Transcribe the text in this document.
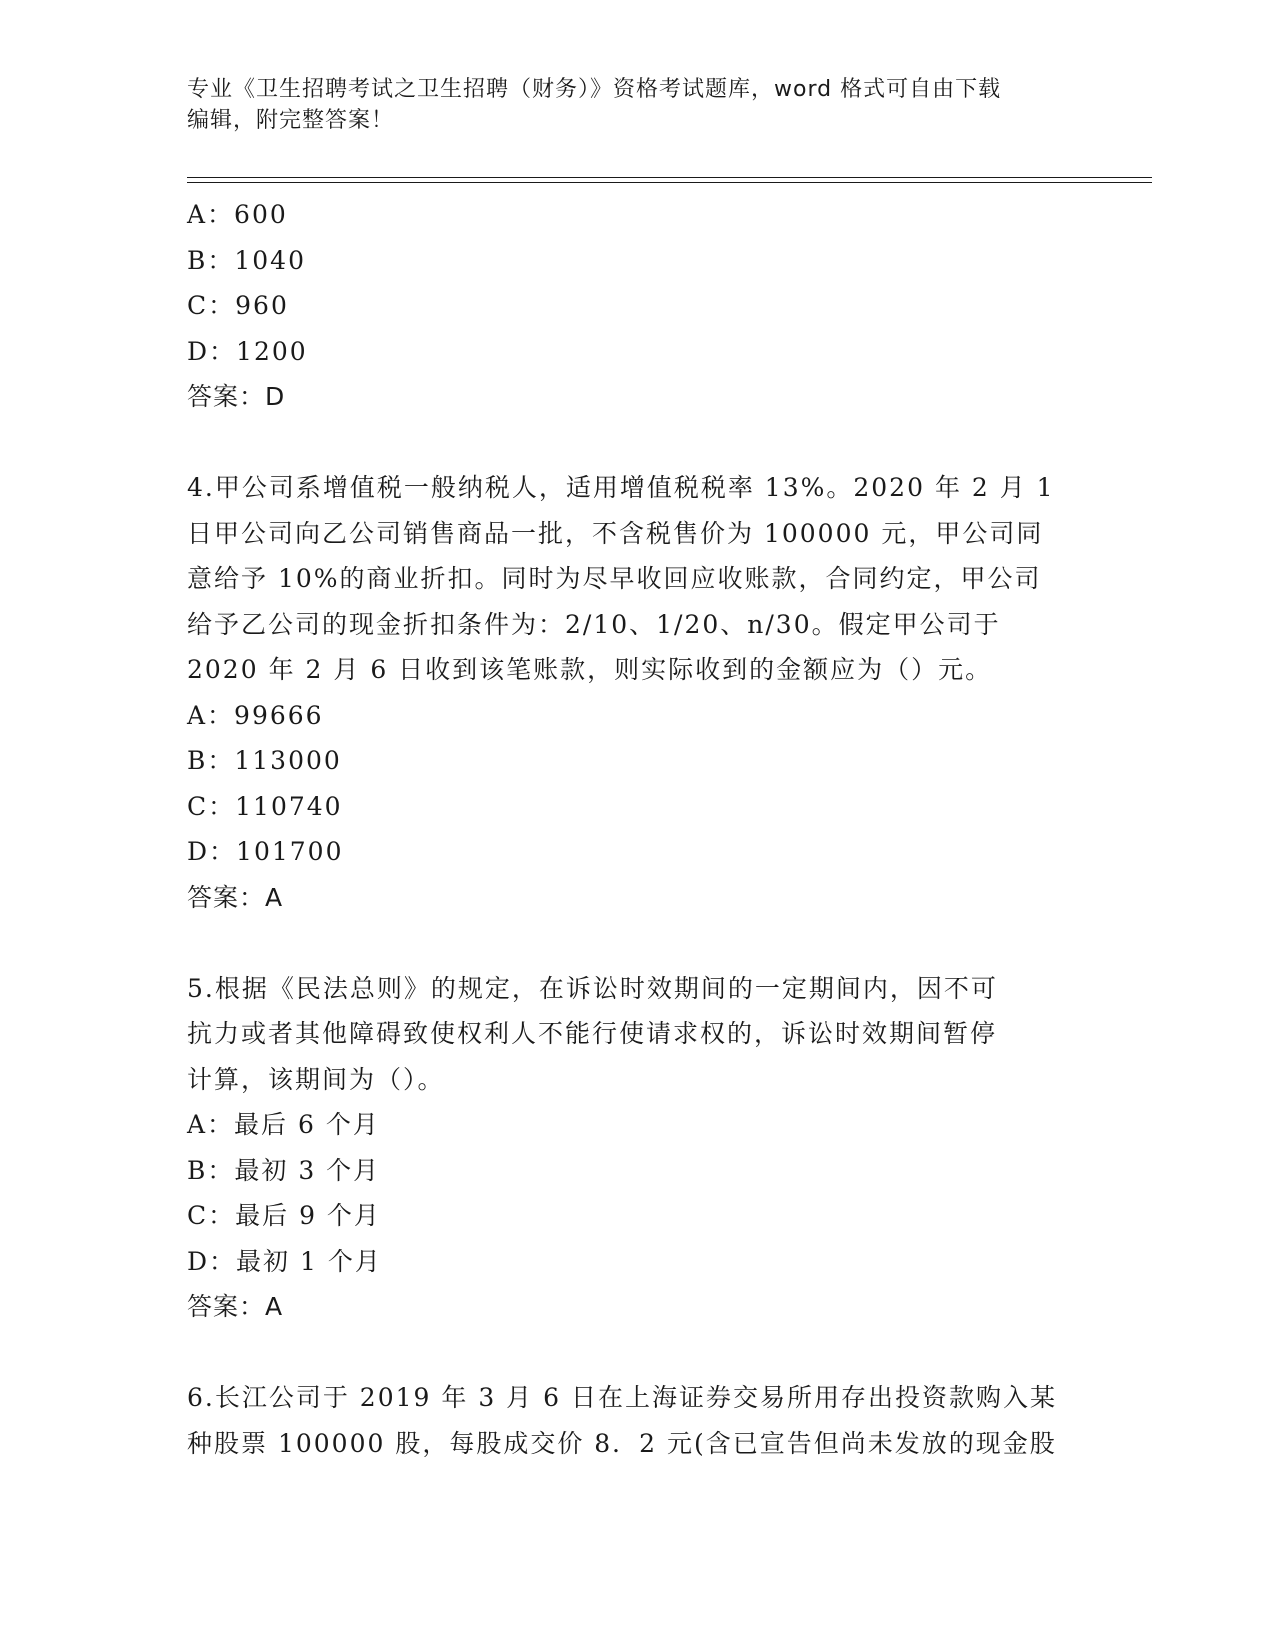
专业《卫生招聘考试之卫生招聘（财务）》资格考试题库，word 格式可自由下载
编辑，附完整答案！
A：600
B：1040
C：960
D：1200
答案：D
4.甲公司系增值税一般纳税人，适用增值税税率 13%。2020 年 2 月 1
日甲公司向乙公司销售商品一批，不含税售价为 100000 元，甲公司同
意给予 10%的商业折扣。同时为尽早收回应收账款，合同约定，甲公司
给予乙公司的现金折扣条件为：2/10、1/20、n/30。假定甲公司于
2020 年 2 月 6 日收到该笔账款，则实际收到的金额应为（）元。
A：99666
B：113000
C：110740
D：101700
答案：A
5.根据《民法总则》的规定，在诉讼时效期间的一定期间内，因不可
抗力或者其他障碍致使权利人不能行使请求权的，诉讼时效期间暂停
计算，该期间为（）。
A：最后 6 个月
B：最初 3 个月
C：最后 9 个月
D：最初 1 个月
答案：A
6.长江公司于 2019 年 3 月 6 日在上海证券交易所用存出投资款购入某
种股票 100000 股，每股成交价 8．2 元(含已宣告但尚未发放的现金股
